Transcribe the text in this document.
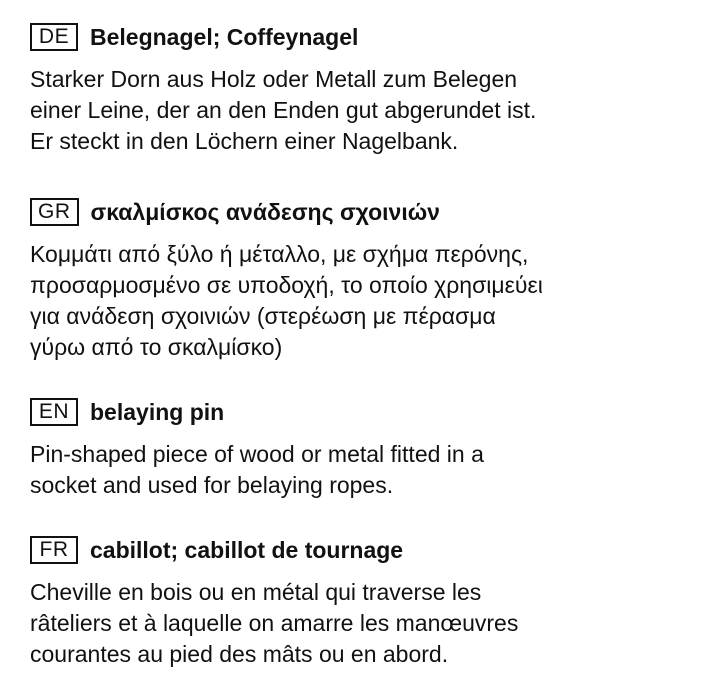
DE Belegnagel; Coffeynagel
Starker Dorn aus Holz oder Metall zum Belegen
einer Leine, der an den Enden gut abgerundet ist.
Er steckt in den Löchern einer Nagelbank.
GR σκαλμίσκος ανάδεσης σχοινιών
Κομμάτι από ξύλο ή μέταλλο, με σχήμα περόνης,
προσαρμοσμένο σε υποδοχή, το οποίο χρησιμεύει
για ανάδεση σχοινιών (στερέωση με πέρασμα
γύρω από το σκαλμίσκο)
EN belaying pin
Pin-shaped piece of wood or metal fitted in a
socket and used for belaying ropes.
FR cabillot; cabillot de tournage
Cheville en bois ou en métal qui traverse les
râteliers et à laquelle on amarre les manœuvres
courantes au pied des mâts ou en abord.
